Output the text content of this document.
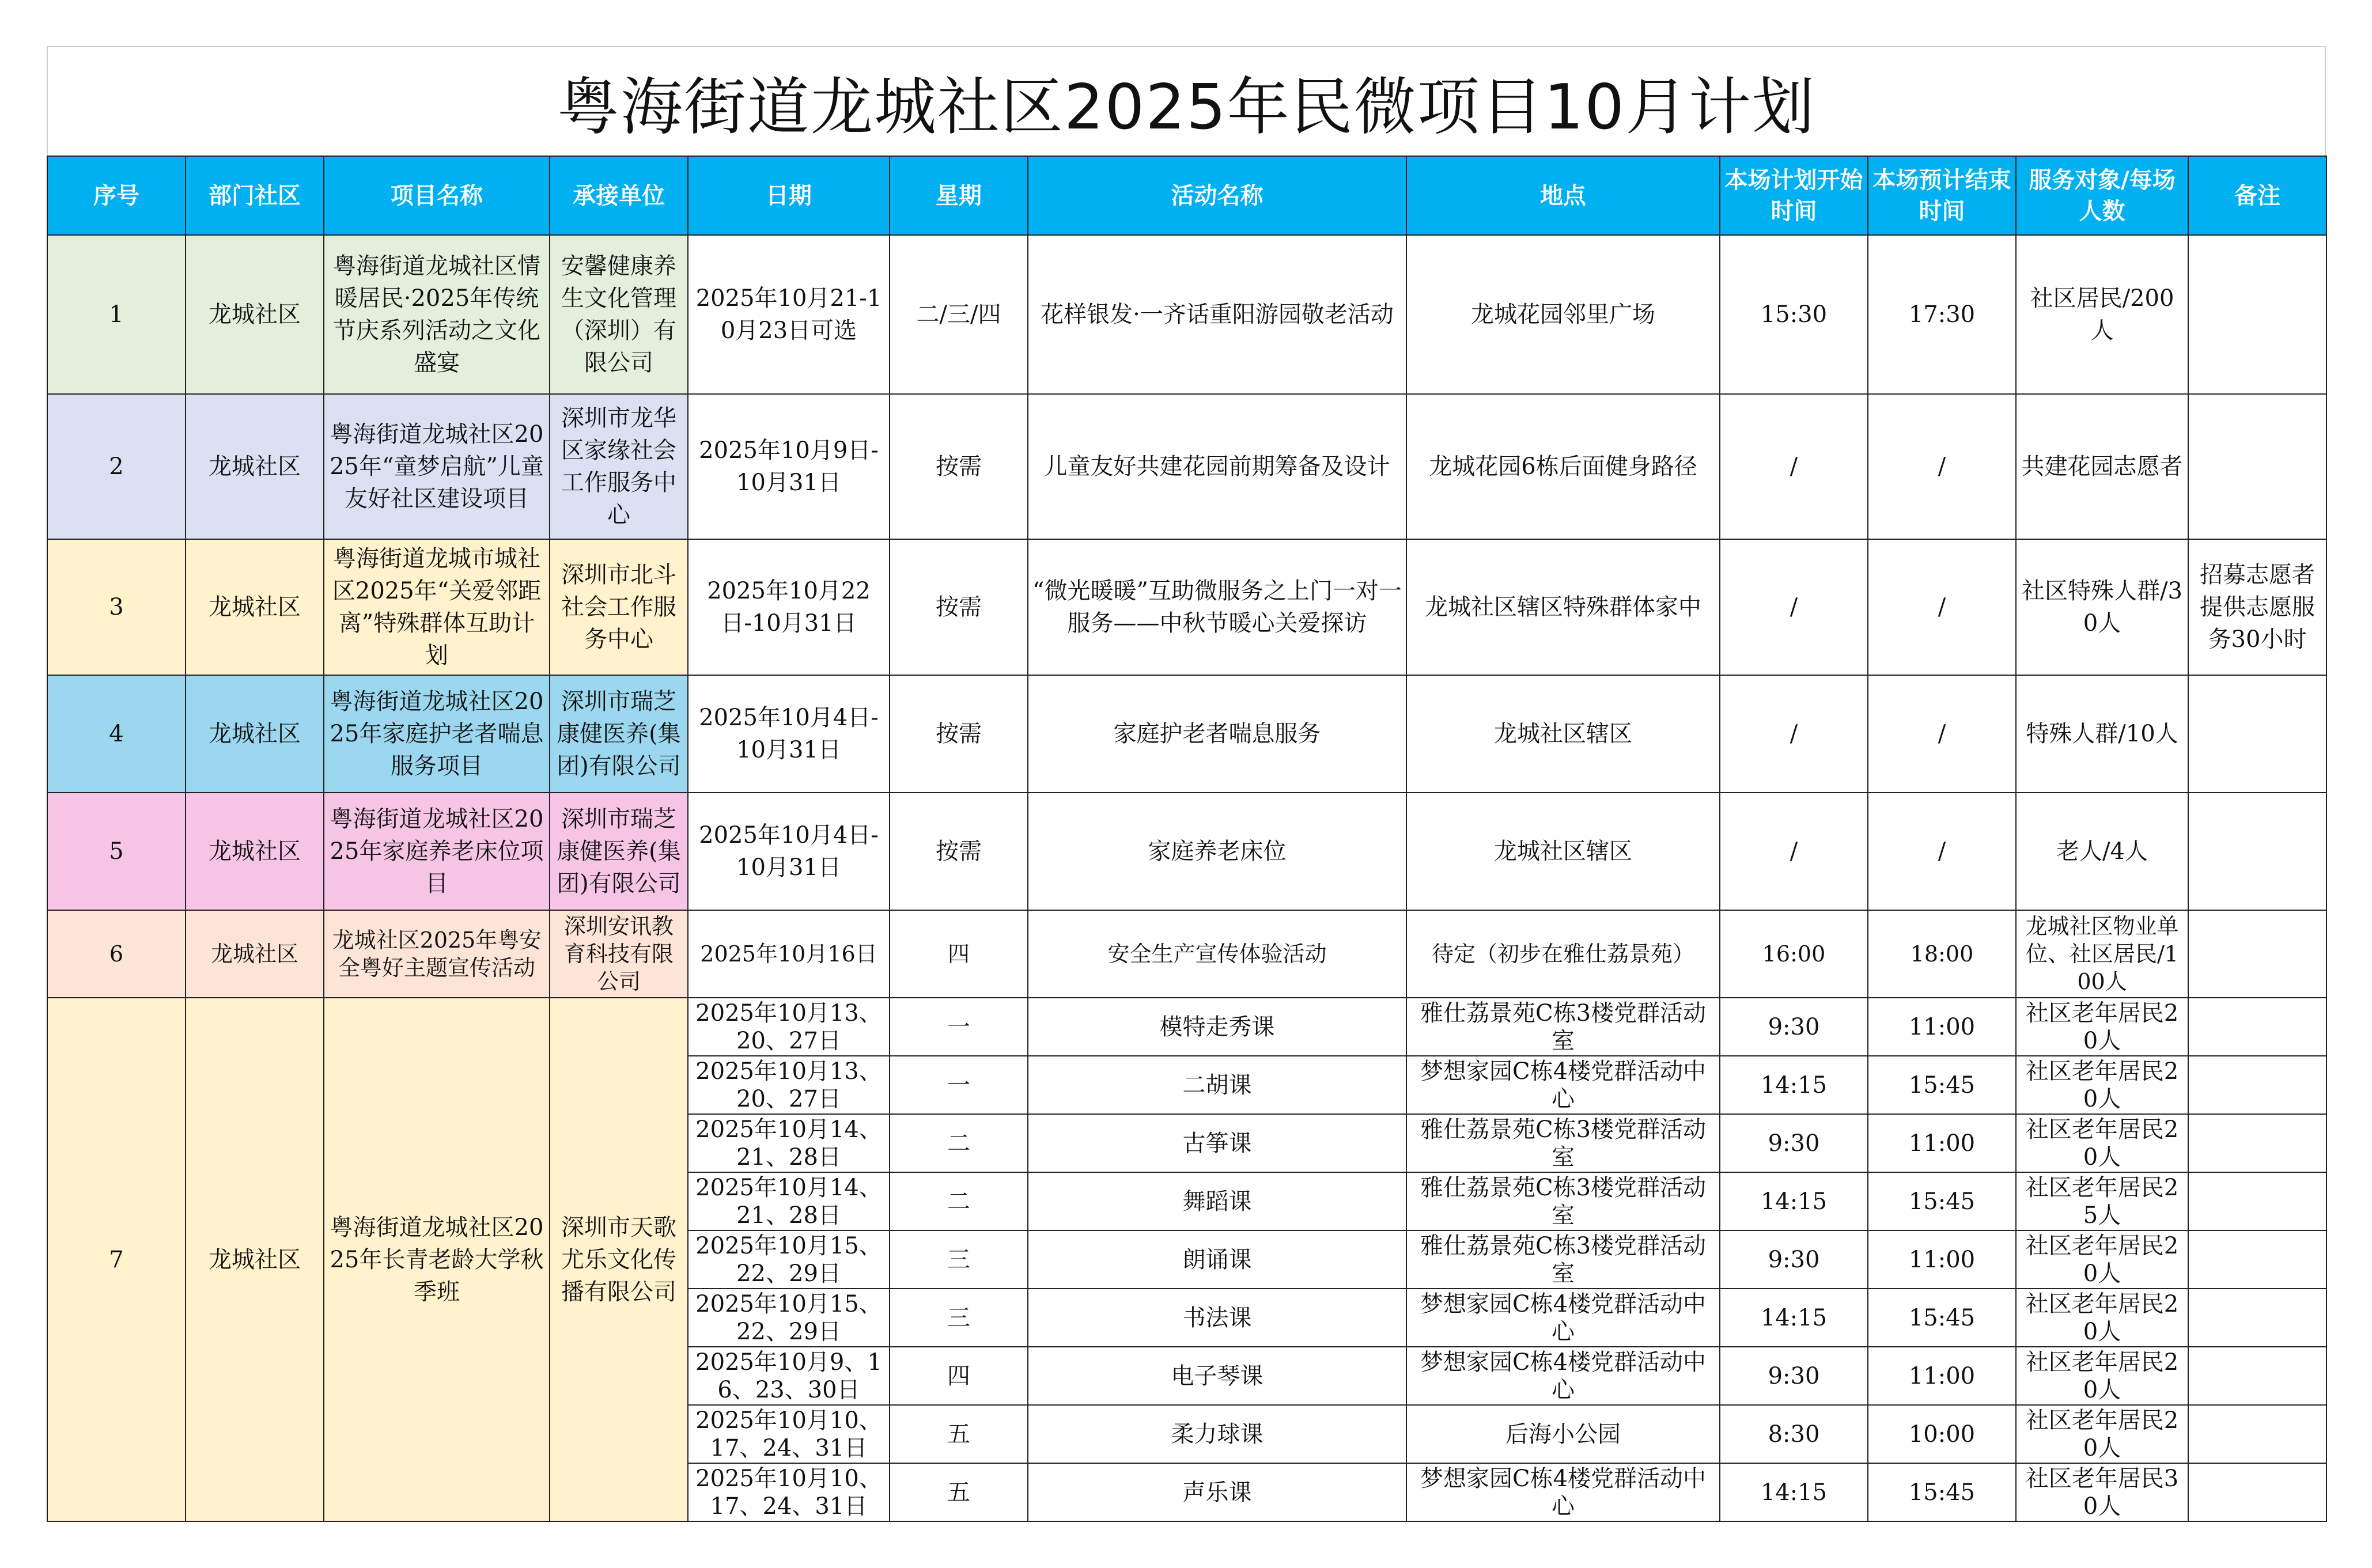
粤海街道龙城社区2025年民微项目10月计划
序号	部门社区	项目名称	承接单位	日期	星期	活动名称	地点	本场计划开始时间	本场预计结束时间	服务对象/每场人数	备注
1	龙城社区	粤海街道龙城社区情暖居民·2025年传统节庆系列活动之文化盛宴	安馨健康养生文化管理（深圳）有限公司	2025年10月21-10月23日可选	二/三/四	花样银发·一齐话重阳游园敬老活动	龙城花园邻里广场	15:30	17:30	社区居民/200人	
2	龙城社区	粤海街道龙城社区2025年“童梦启航”儿童友好社区建设项目	深圳市龙华区家缘社会工作服务中心	2025年10月9日-10月31日	按需	儿童友好共建花园前期筹备及设计	龙城花园6栋后面健身路径	/	/	共建花园志愿者	
3	龙城社区	粤海街道龙城市城社区2025年“关爱邻距离”特殊群体互助计划	深圳市北斗社会工作服务中心	2025年10月22日-10月31日	按需	“微光暖暖”互助微服务之上门一对一服务——中秋节暖心关爱探访	龙城社区辖区特殊群体家中	/	/	社区特殊人群/30人	招募志愿者提供志愿服务30小时
4	龙城社区	粤海街道龙城社区2025年家庭护老者喘息服务项目	深圳市瑞芝康健医养(集团)有限公司	2025年10月4日-10月31日	按需	家庭护老者喘息服务	龙城社区辖区	/	/	特殊人群/10人	
5	龙城社区	粤海街道龙城社区2025年家庭养老床位项目	深圳市瑞芝康健医养(集团)有限公司	2025年10月4日-10月31日	按需	家庭养老床位	龙城社区辖区	/	/	老人/4人	
6	龙城社区	龙城社区2025年粤安全粤好主题宣传活动	深圳安讯教育科技有限公司	2025年10月16日	四	安全生产宣传体验活动	待定（初步在雅仕荔景苑）	16:00	18:00	龙城社区物业单位、社区居民/100人	
7	龙城社区	粤海街道龙城社区2025年长青老龄大学秋季班	深圳市天歌尤乐文化传播有限公司	2025年10月13、20、27日	一	模特走秀课	雅仕荔景苑C栋3楼党群活动室	9:30	11:00	社区老年居民20人	

				2025年10月13、20、27日	一	二胡课	梦想家园C栋4楼党群活动中心	14:15	15:45	社区老年居民20人	

				2025年10月14、21、28日	二	古筝课	雅仕荔景苑C栋3楼党群活动室	9:30	11:00	社区老年居民20人	

				2025年10月14、21、28日	二	舞蹈课	雅仕荔景苑C栋3楼党群活动室	14:15	15:45	社区老年居民25人	

				2025年10月15、22、29日	三	朗诵课	雅仕荔景苑C栋3楼党群活动室	9:30	11:00	社区老年居民20人	

				2025年10月15、22、29日	三	书法课	梦想家园C栋4楼党群活动中心	14:15	15:45	社区老年居民20人	

				2025年10月9、16、23、30日	四	电子琴课	梦想家园C栋4楼党群活动中心	9:30	11:00	社区老年居民20人	

				2025年10月10、17、24、31日	五	柔力球课	后海小公园	8:30	10:00	社区老年居民20人	

				2025年10月10、17、24、31日	五	声乐课	梦想家园C栋4楼党群活动中心	14:15	15:45	社区老年居民30人	
